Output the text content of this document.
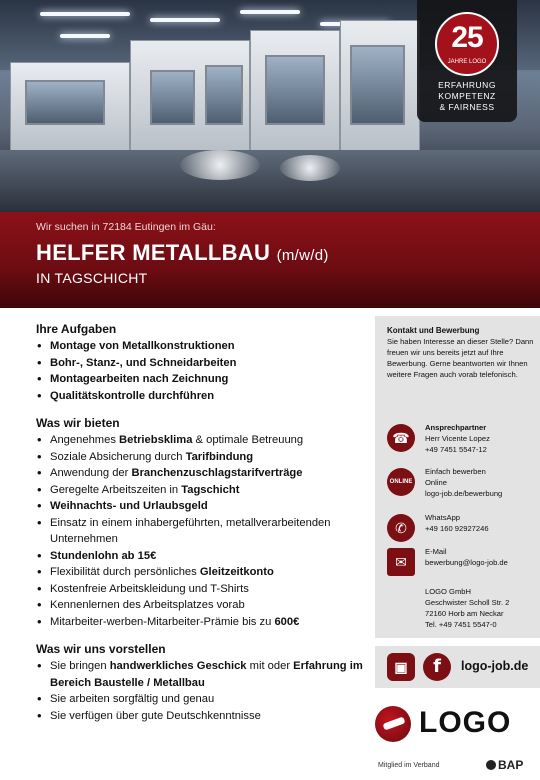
25
JAHRE LOGO
ERFAHRUNG
KOMPETENZ
& FAIRNESS
Wir suchen in 72184 Eutingen im Gäu:
HELFER METALLBAU (m/w/d)
IN TAGSCHICHT
Ihre Aufgaben
• Montage von Metallkonstruktionen
• Bohr-, Stanz-, und Schneidarbeiten
• Montagearbeiten nach Zeichnung
• Qualitätskontrolle durchführen
Was wir bieten
• Angenehmes Betriebsklima & optimale Betreuung
• Soziale Absicherung durch Tarifbindung
• Anwendung der Branchenzuschlagstarifverträge
• Geregelte Arbeitszeiten in Tagschicht
• Weihnachts- und Urlaubsgeld
• Einsatz in einem inhabergeführten, metallverarbeitenden Unternehmen
• Stundenlohn ab 15€
• Flexibilität durch persönliches Gleitzeitkonto
• Kostenfreie Arbeitskleidung und T-Shirts
• Kennenlernen des Arbeitsplatzes vorab
• Mitarbeiter-werben-Mitarbeiter-Prämie bis zu 600€
Was wir uns vorstellen
• Sie bringen handwerkliches Geschick mit oder Erfahrung im Bereich Baustelle / Metallbau
• Sie arbeiten sorgfältig und genau
• Sie verfügen über gute Deutschkenntnisse
Kontakt und Bewerbung
Sie haben Interesse an dieser Stelle? Dann freuen wir uns bereits jetzt auf Ihre Bewerbung. Gerne beantworten wir Ihnen weitere Fragen auch vorab telefonisch.
☎
Ansprechpartner
Herr Vicente Lopez
+49 7451 5547-12
ONLINE
Einfach bewerben
Online
logo-job.de/bewerbung
✆
WhatsApp
+49 160 92927246
✉
E-Mail
bewerbung@logo-job.de
LOGO GmbH
Geschwister Scholl Str. 2
72160 Horb am Neckar
Tel. +49 7451 5547-0
▣	f	logo-job.de
LOGO
Mitglied im Verband	BAP
